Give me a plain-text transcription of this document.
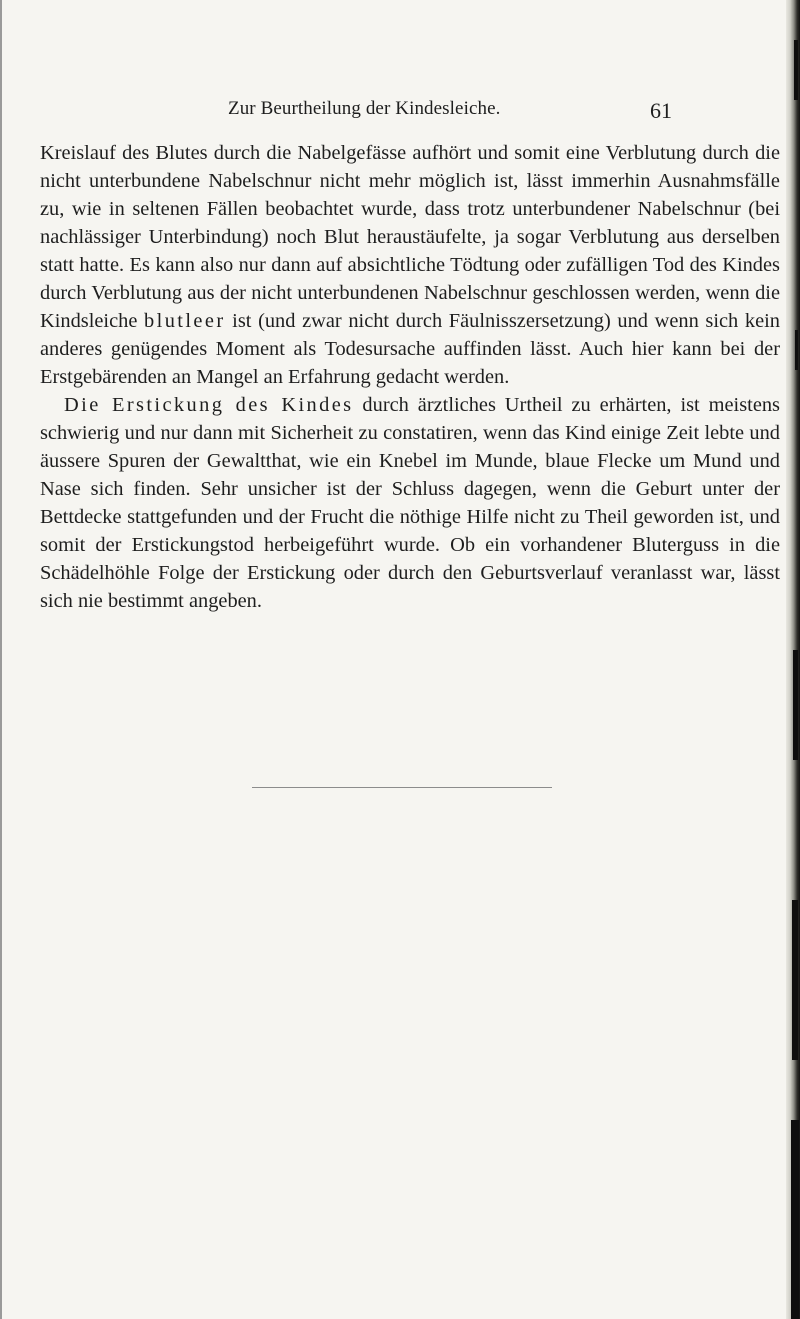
Zur Beurtheilung der Kindesleiche.	61

Kreislauf des Blutes durch die Nabelgefässe aufhört und somit eine Verblutung durch die nicht unterbundene Nabelschnur nicht mehr möglich ist, lässt immerhin Ausnahmsfälle zu, wie in seltenen Fällen beobachtet wurde, dass trotz unterbundener Nabelschnur (bei nachlässiger Unterbindung) noch Blut heraustäufelte, ja sogar Verblutung aus derselben statt hatte. Es kann also nur dann auf absichtliche Tödtung oder zufälligen Tod des Kindes durch Verblutung aus der nicht unterbundenen Nabelschnur geschlossen werden, wenn die Kindsleiche blutleer ist (und zwar nicht durch Fäulnisszersetzung) und wenn sich kein anderes genügendes Moment als Todesursache auffinden lässt. Auch hier kann bei der Erstgebärenden an Mangel an Erfahrung gedacht werden.

Die Erstickung des Kindes durch ärztliches Urtheil zu erhärten, ist meistens schwierig und nur dann mit Sicherheit zu constatiren, wenn das Kind einige Zeit lebte und äussere Spuren der Gewaltthat, wie ein Knebel im Munde, blaue Flecke um Mund und Nase sich finden. Sehr unsicher ist der Schluss dagegen, wenn die Geburt unter der Bettdecke stattgefunden und der Frucht die nöthige Hilfe nicht zu Theil geworden ist, und somit der Erstickungstod herbeigeführt wurde. Ob ein vorhandener Bluterguss in die Schädelhöhle Folge der Erstickung oder durch den Geburtsverlauf veranlasst war, lässt sich nie bestimmt angeben.
